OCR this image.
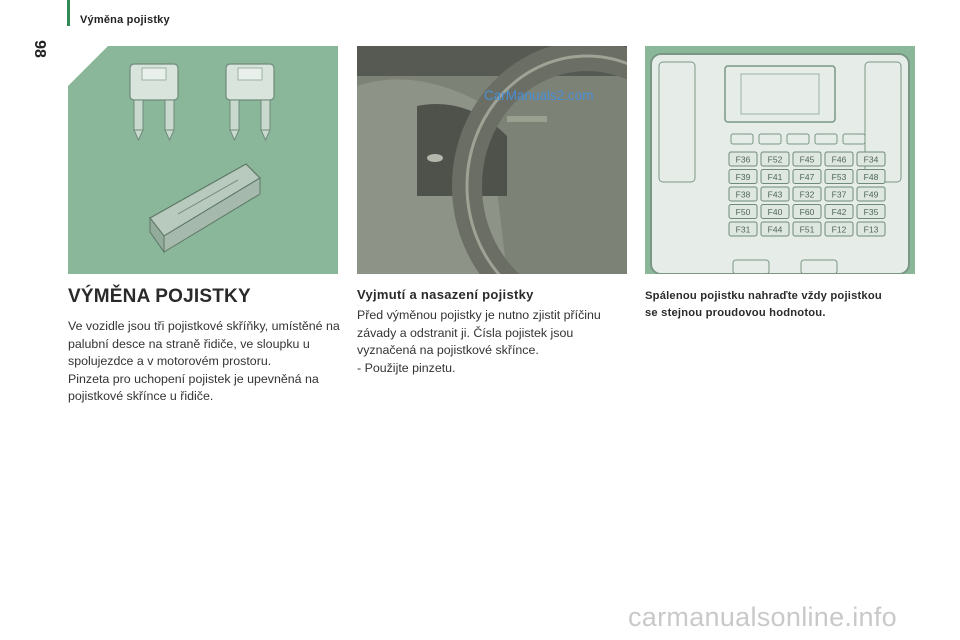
98
Výměna pojistky
F36 F52 F45 F46 F34
F39 F41 F47 F53 F48
F38 F43 F32 F37 F49
F50 F40 F60 F42 F35
F31 F44 F51 F12 F13
VÝMĚNA POJISTKY

Ve vozidle jsou tři pojistkové skříňky, umístěné na palubní desce na straně řidiče, ve sloupku u spolujezdce a v motorovém prostoru.

Pinzeta pro uchopení pojistek je upevněná na pojistkové skřínce u řidiče.

Vyjmutí a nasazení pojistky

Před výměnou pojistky je nutno zjistit příčinu závady a odstranit ji. Čísla pojistek jsou vyznačená na pojistkové skřínce.

- Použijte pinzetu.

Spálenou pojistku nahraďte vždy pojistkou se stejnou proudovou hodnotou.
CarManuals2.com
carmanualsonline.info
